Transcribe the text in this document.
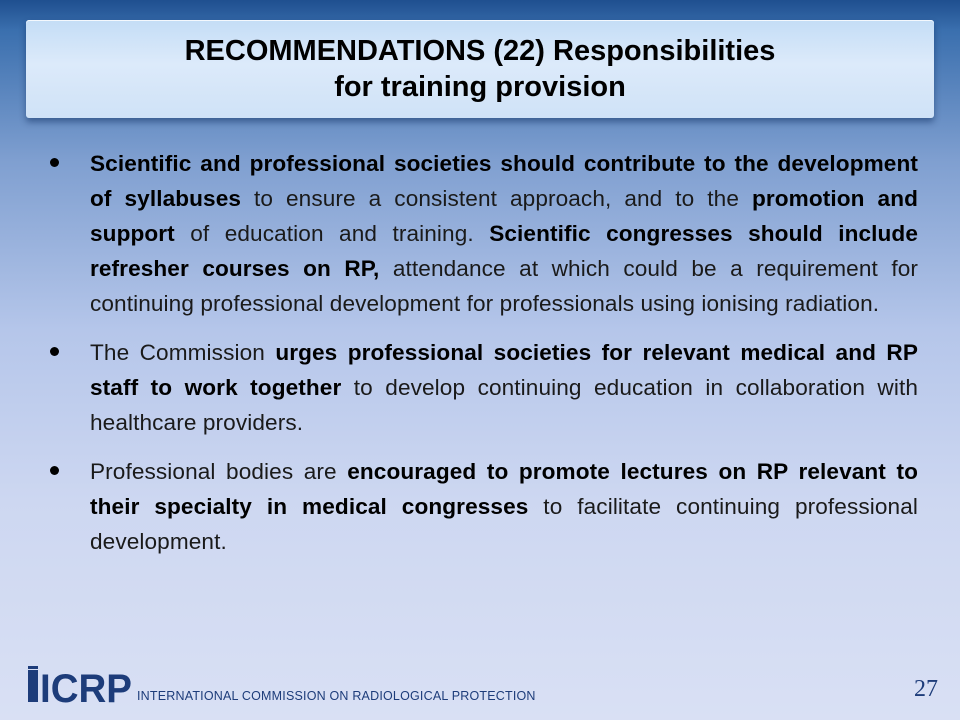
RECOMMENDATIONS (22) Responsibilities
for training provision
Scientific and professional societies should contribute to the development of syllabuses to ensure a consistent approach, and to the promotion and support of education and training. Scientific congresses should include refresher courses on RP, attendance at which could be a requirement for continuing professional development for professionals using ionising radiation.
The Commission urges professional societies for relevant medical and RP staff to work together to develop continuing education in collaboration with healthcare providers.
Professional bodies are encouraged to promote lectures on RP relevant to their specialty in medical congresses to facilitate continuing professional development.
ICRP INTERNATIONAL COMMISSION ON RADIOLOGICAL PROTECTION	27
